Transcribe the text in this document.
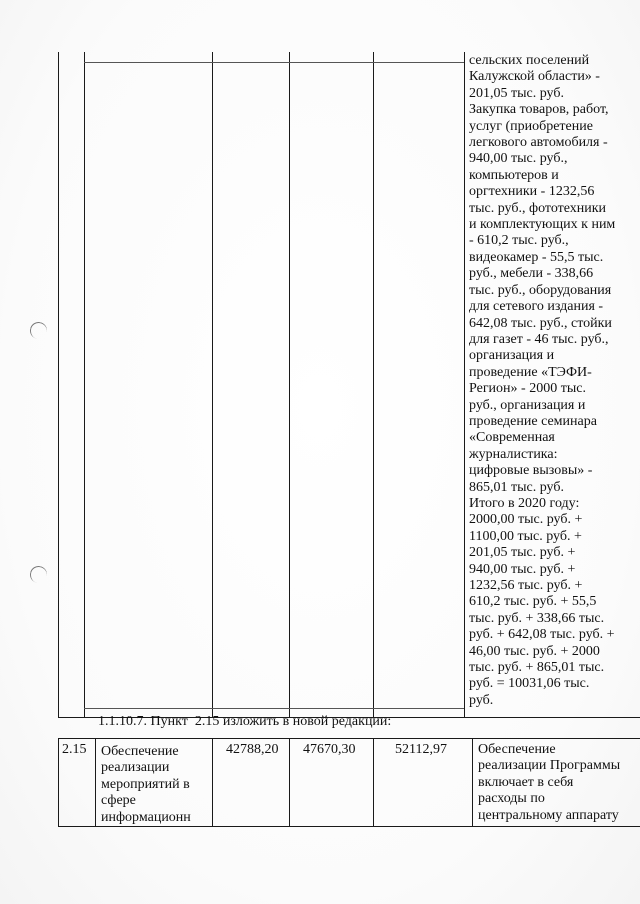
сельских поселений
Калужской области» -
201,05 тыс. руб.
Закупка товаров, работ,
услуг (приобретение
легкового автомобиля -
940,00 тыс. руб.,
компьютеров и
оргтехники - 1232,56
тыс. руб., фототехники
и комплектующих к ним
- 610,2 тыс. руб.,
видеокамер - 55,5 тыс.
руб., мебели - 338,66
тыс. руб., оборудования
для сетевого издания -
642,08 тыс. руб., стойки
для газет - 46 тыс. руб.,
организация и
проведение «ТЭФИ-
Регион» - 2000 тыс.
руб., организация и
проведение семинара
«Современная
журналистика:
цифровые вызовы» -
865,01 тыс. руб.
Итого в 2020 году:
2000,00 тыс. руб. +
1100,00 тыс. руб. +
201,05 тыс. руб. +
940,00 тыс. руб. +
1232,56 тыс. руб. +
610,2 тыс. руб. + 55,5
тыс. руб. + 338,66 тыс.
руб. + 642,08 тыс. руб. +
46,00 тыс. руб. + 2000
тыс. руб. + 865,01 тыс.
руб. = 10031,06 тыс.
руб.
1.1.10.7. Пункт  2.15 изложить в новой редакции:
2.15 Обеспечение
реализации
мероприятий в
сфере
информационн
42788,20 47670,30	52112,97 Обеспечение
реализации Программы
включает в себя
расходы по
центральному аппарату
